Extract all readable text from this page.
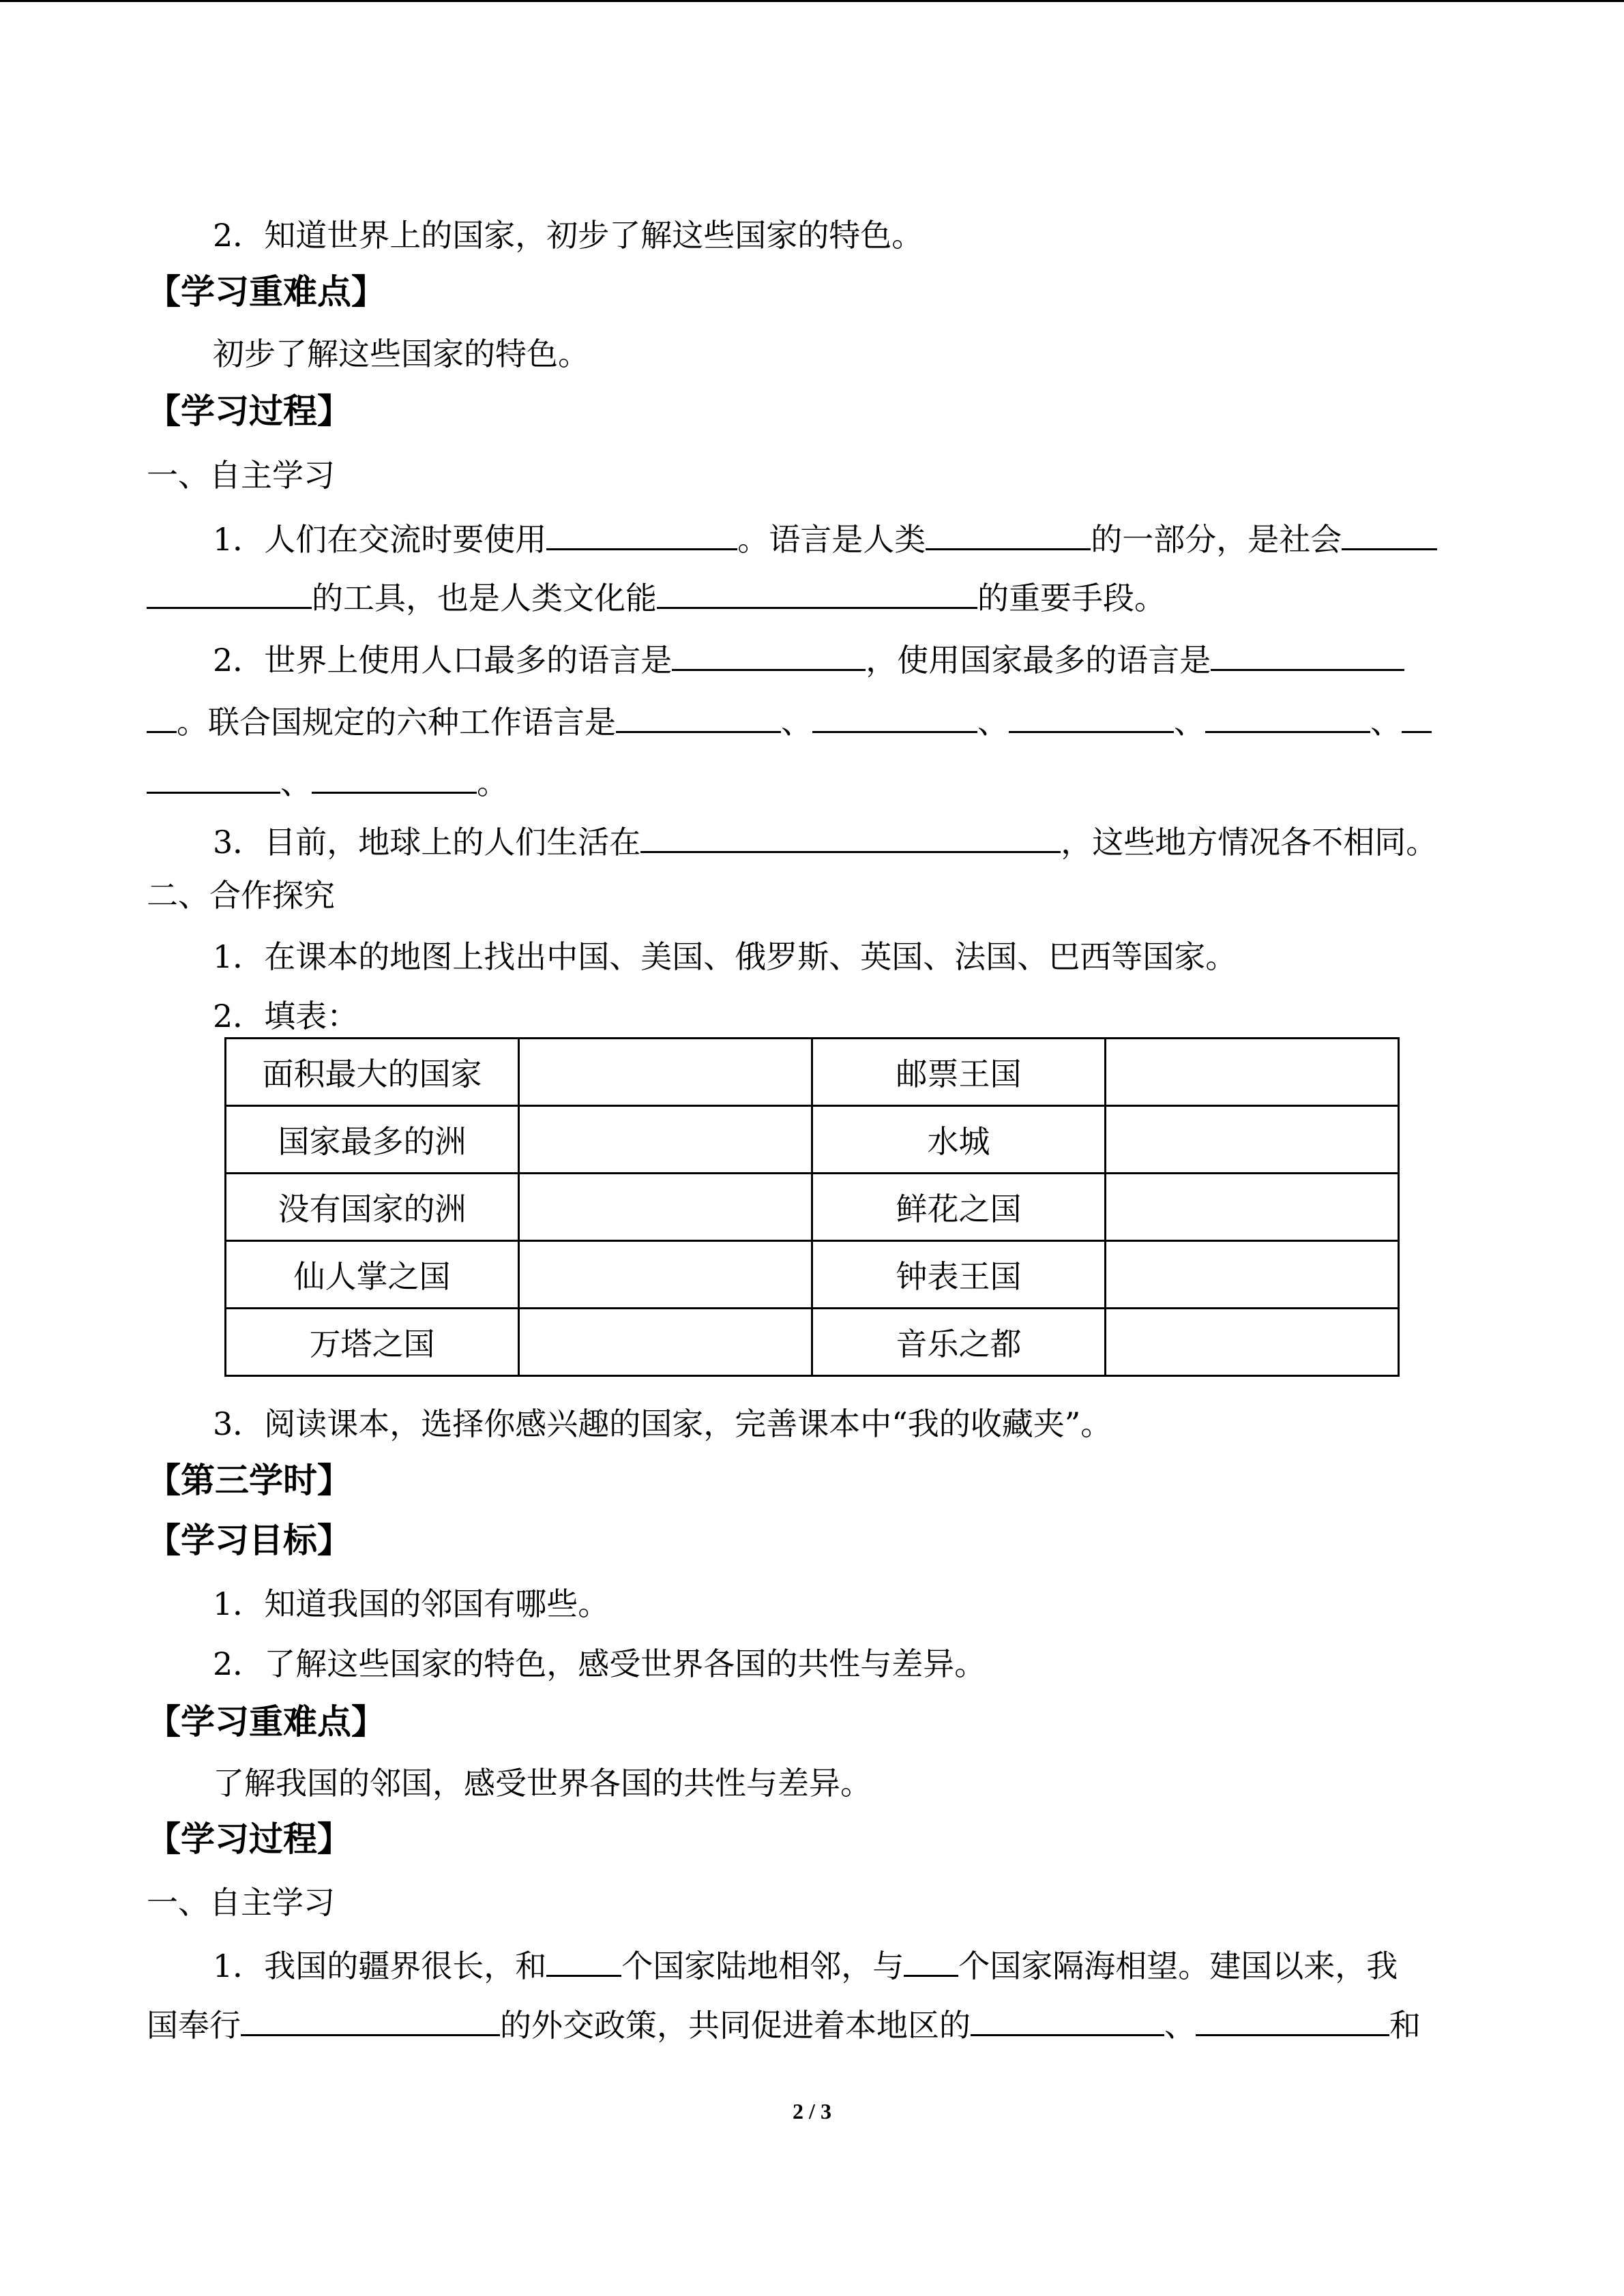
2．知道世界上的国家，初步了解这些国家的特色。
【学习重难点】
初步了解这些国家的特色。
【学习过程】
一、自主学习
1．人们在交流时要使用	。语言是人类	的一部分，是社会
的工具，也是人类文化能	的重要手段。
2．世界上使用人口最多的语言是	，使用国家最多的语言是
。联合国规定的六种工作语言是	、	、	、	、
、	。
3．目前，地球上的人们生活在	，这些地方情况各不相同。
二、合作探究
1．在课本的地图上找出中国、美国、俄罗斯、英国、法国、巴西等国家。
2．填表：
面积最大的国家		邮票王国	
国家最多的洲		水城	
没有国家的洲		鲜花之国	
仙人掌之国		钟表王国	
万塔之国		音乐之都	
3．阅读课本，选择你感兴趣的国家，完善课本中“我的收藏夹”。
【第三学时】
【学习目标】
1．知道我国的邻国有哪些。
2．了解这些国家的特色，感受世界各国的共性与差异。
【学习重难点】
了解我国的邻国，感受世界各国的共性与差异。
【学习过程】
一、自主学习
1．我国的疆界很长，和 个国家陆地相邻，与 个国家隔海相望。建国以来，我
国奉行	的外交政策，共同促进着本地区的	、	和
2 / 3
